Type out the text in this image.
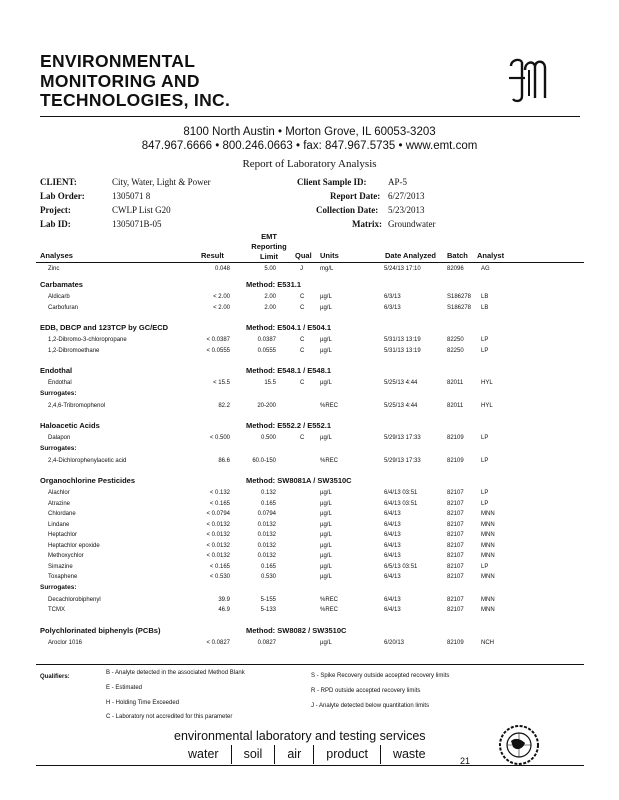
ENVIRONMENTAL
MONITORING AND
TECHNOLOGIES, INC.
8100 North Austin • Morton Grove, IL 60053-3203
847.967.6666 • 800.246.0663 • fax: 847.967.5735 • www.emt.com
Report of Laboratory Analysis
CLIENT:	City, Water, Light & Power
Lab Order:	1305071 8
Project:	CWLP List G20
Lab ID:	1305071B-05
Client Sample ID: AP-5
Report Date: 6/27/2013
Collection Date: 5/23/2013
Matrix: Groundwater
Analyses	Result
EMT
Reporting
Limit	Qual Units	Date Analyzed Batch Analyst
Zinc	0.048	5.00	J	mg/L	5/24/13 17:10	82096	AG
Carbamates	Method: E531.1
Aldicarb	< 2.00	2.00	C	µg/L	6/3/13	S186278 LB
Carbofuran	< 2.00	2.00	C	µg/L	6/3/13	S186278 LB
EDB, DBCP and 123TCP by GC/ECD	Method: E504.1 / E504.1
1,2-Dibromo-3-chloropropane	< 0.0387	0.0387	C	µg/L	5/31/13 13:19	82250	LP
1,2-Dibromoethane	< 0.0555	0.0555	C	µg/L	5/31/13 13:19	82250	LP
Endothal	Method: E548.1 / E548.1
Endothal	< 15.5	15.5	C	µg/L	5/25/13 4:44	82011	HYL
Surrogates:
2,4,6-Tribromophenol	82.2	20-200	%REC	5/25/13 4:44	82011	HYL
Haloacetic Acids	Method: E552.2 / E552.1
Dalapon	< 0.500	0.500	C	µg/L	5/29/13 17:33	82109	LP
Surrogates:
2,4-Dichlorophenylacetic acid	86.6	60.0-150	%REC	5/29/13 17:33	82109	LP
Organochlorine Pesticides	Method: SW8081A / SW3510C
Alachlor	< 0.132	0.132	µg/L	6/4/13 03:51	82107	LP
Atrazine	< 0.165	0.165	µg/L	6/4/13 03:51	82107	LP
Chlordane	< 0.0794	0.0794	µg/L	6/4/13	82107	MNN
Lindane	< 0.0132	0.0132	µg/L	6/4/13	82107	MNN
Heptachlor	< 0.0132	0.0132	µg/L	6/4/13	82107	MNN
Heptachlor epoxide	< 0.0132	0.0132	µg/L	6/4/13	82107	MNN
Methoxychlor	< 0.0132	0.0132	µg/L	6/4/13	82107	MNN
Simazine	< 0.165	0.165	µg/L	6/5/13 03:51	82107	LP
Toxaphene	< 0.530	0.530	µg/L	6/4/13	82107	MNN
Surrogates:
Decachlorobiphenyl	39.9	5-155	%REC	6/4/13	82107	MNN
TCMX	46.9	5-133	%REC	6/4/13	82107	MNN
Polychlorinated biphenyls (PCBs)	Method: SW8082 / SW3510C
Aroclor 1016	< 0.0827	0.0827	µg/L	6/20/13	82109	NCH
Qualifiers:
B - Analyte detected in the associated Method Blank
E - Estimated
H - Holding Time Exceeded
C - Laboratory not accredited for this parameter
S - Spike Recovery outside accepted recovery limits
R - RPD outside accepted recovery limits
J - Analyte detected below quantitation limits
environmental laboratory and testing services
water	soil	air	product	waste	21
